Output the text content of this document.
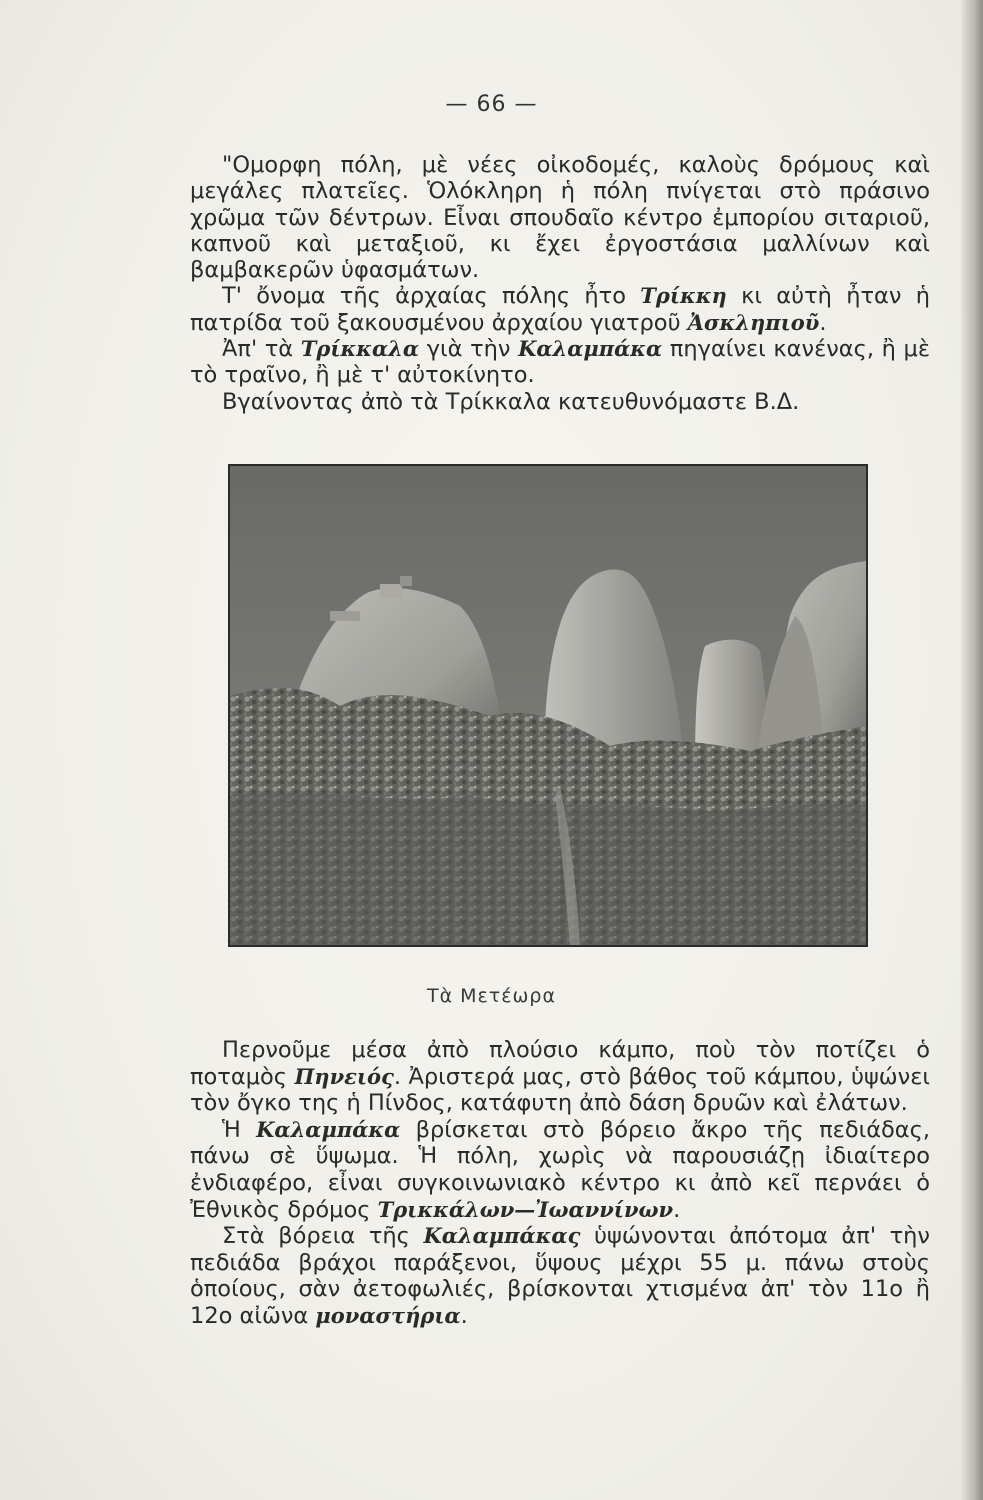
— 66 —

"Ομορφη πόλη, μὲ νέες οἰκοδομές, καλοὺς δρόμους καὶ μεγάλες πλατεῖες. Ὁλόκληρη ἡ πόλη πνίγεται στὸ πράσινο χρῶμα τῶν δέντρων. Εἶναι σπουδαῖο κέντρο ἐμπορίου σιταριοῦ, καπνοῦ καὶ μεταξιοῦ, κι ἔχει ἐργοστάσια μαλλίνων καὶ βαμβακερῶν ὑφασμάτων.

Τ' ὄνομα τῆς ἀρχαίας πόλης ἦτο Τρίκκη κι αὐτὴ ἦταν ἡ πατρίδα τοῦ ξακουσμένου ἀρχαίου γιατροῦ Ἀσκληπιοῦ.

Ἀπ' τὰ Τρίκκαλα γιὰ τὴν Καλαμπάκα πηγαίνει κανένας, ἢ μὲ τὸ τραῖνο, ἢ μὲ τ' αὐτοκίνητο.

Βγαίνοντας ἀπὸ τὰ Τρίκκαλα κατευθυνόμαστε Β.Δ.

Τὰ Μετέωρα

Περνοῦμε μέσα ἀπὸ πλούσιο κάμπο, ποὺ τὸν ποτίζει ὁ ποταμὸς Πηνειός. Ἀριστερά μας, στὸ βάθος τοῦ κάμπου, ὑψώνει τὸν ὄγκο της ἡ Πίνδος, κατάφυτη ἀπὸ δάση δρυῶν καὶ ἐλάτων.

Ἡ Καλαμπάκα βρίσκεται στὸ βόρειο ἄκρο τῆς πεδιάδας, πάνω σὲ ὕψωμα. Ἡ πόλη, χωρὶς νὰ παρουσιάζῃ ἰδιαίτερο ἐνδιαφέρο, εἶναι συγκοινωνιακὸ κέντρο κι ἀπὸ κεῖ περνάει ὁ Ἐθνικὸς δρόμος Τρικκάλων—Ἰωαννίνων.

Στὰ βόρεια τῆς Καλαμπάκας ὑψώνονται ἀπότομα ἀπ' τὴν πεδιάδα βράχοι παράξενοι, ὕψους μέχρι 55 μ. πάνω στοὺς ὁποίους, σὰν ἀετοφωλιές, βρίσκονται χτισμένα ἀπ' τὸν 11ο ἢ 12ο αἰῶνα μοναστήρια.
